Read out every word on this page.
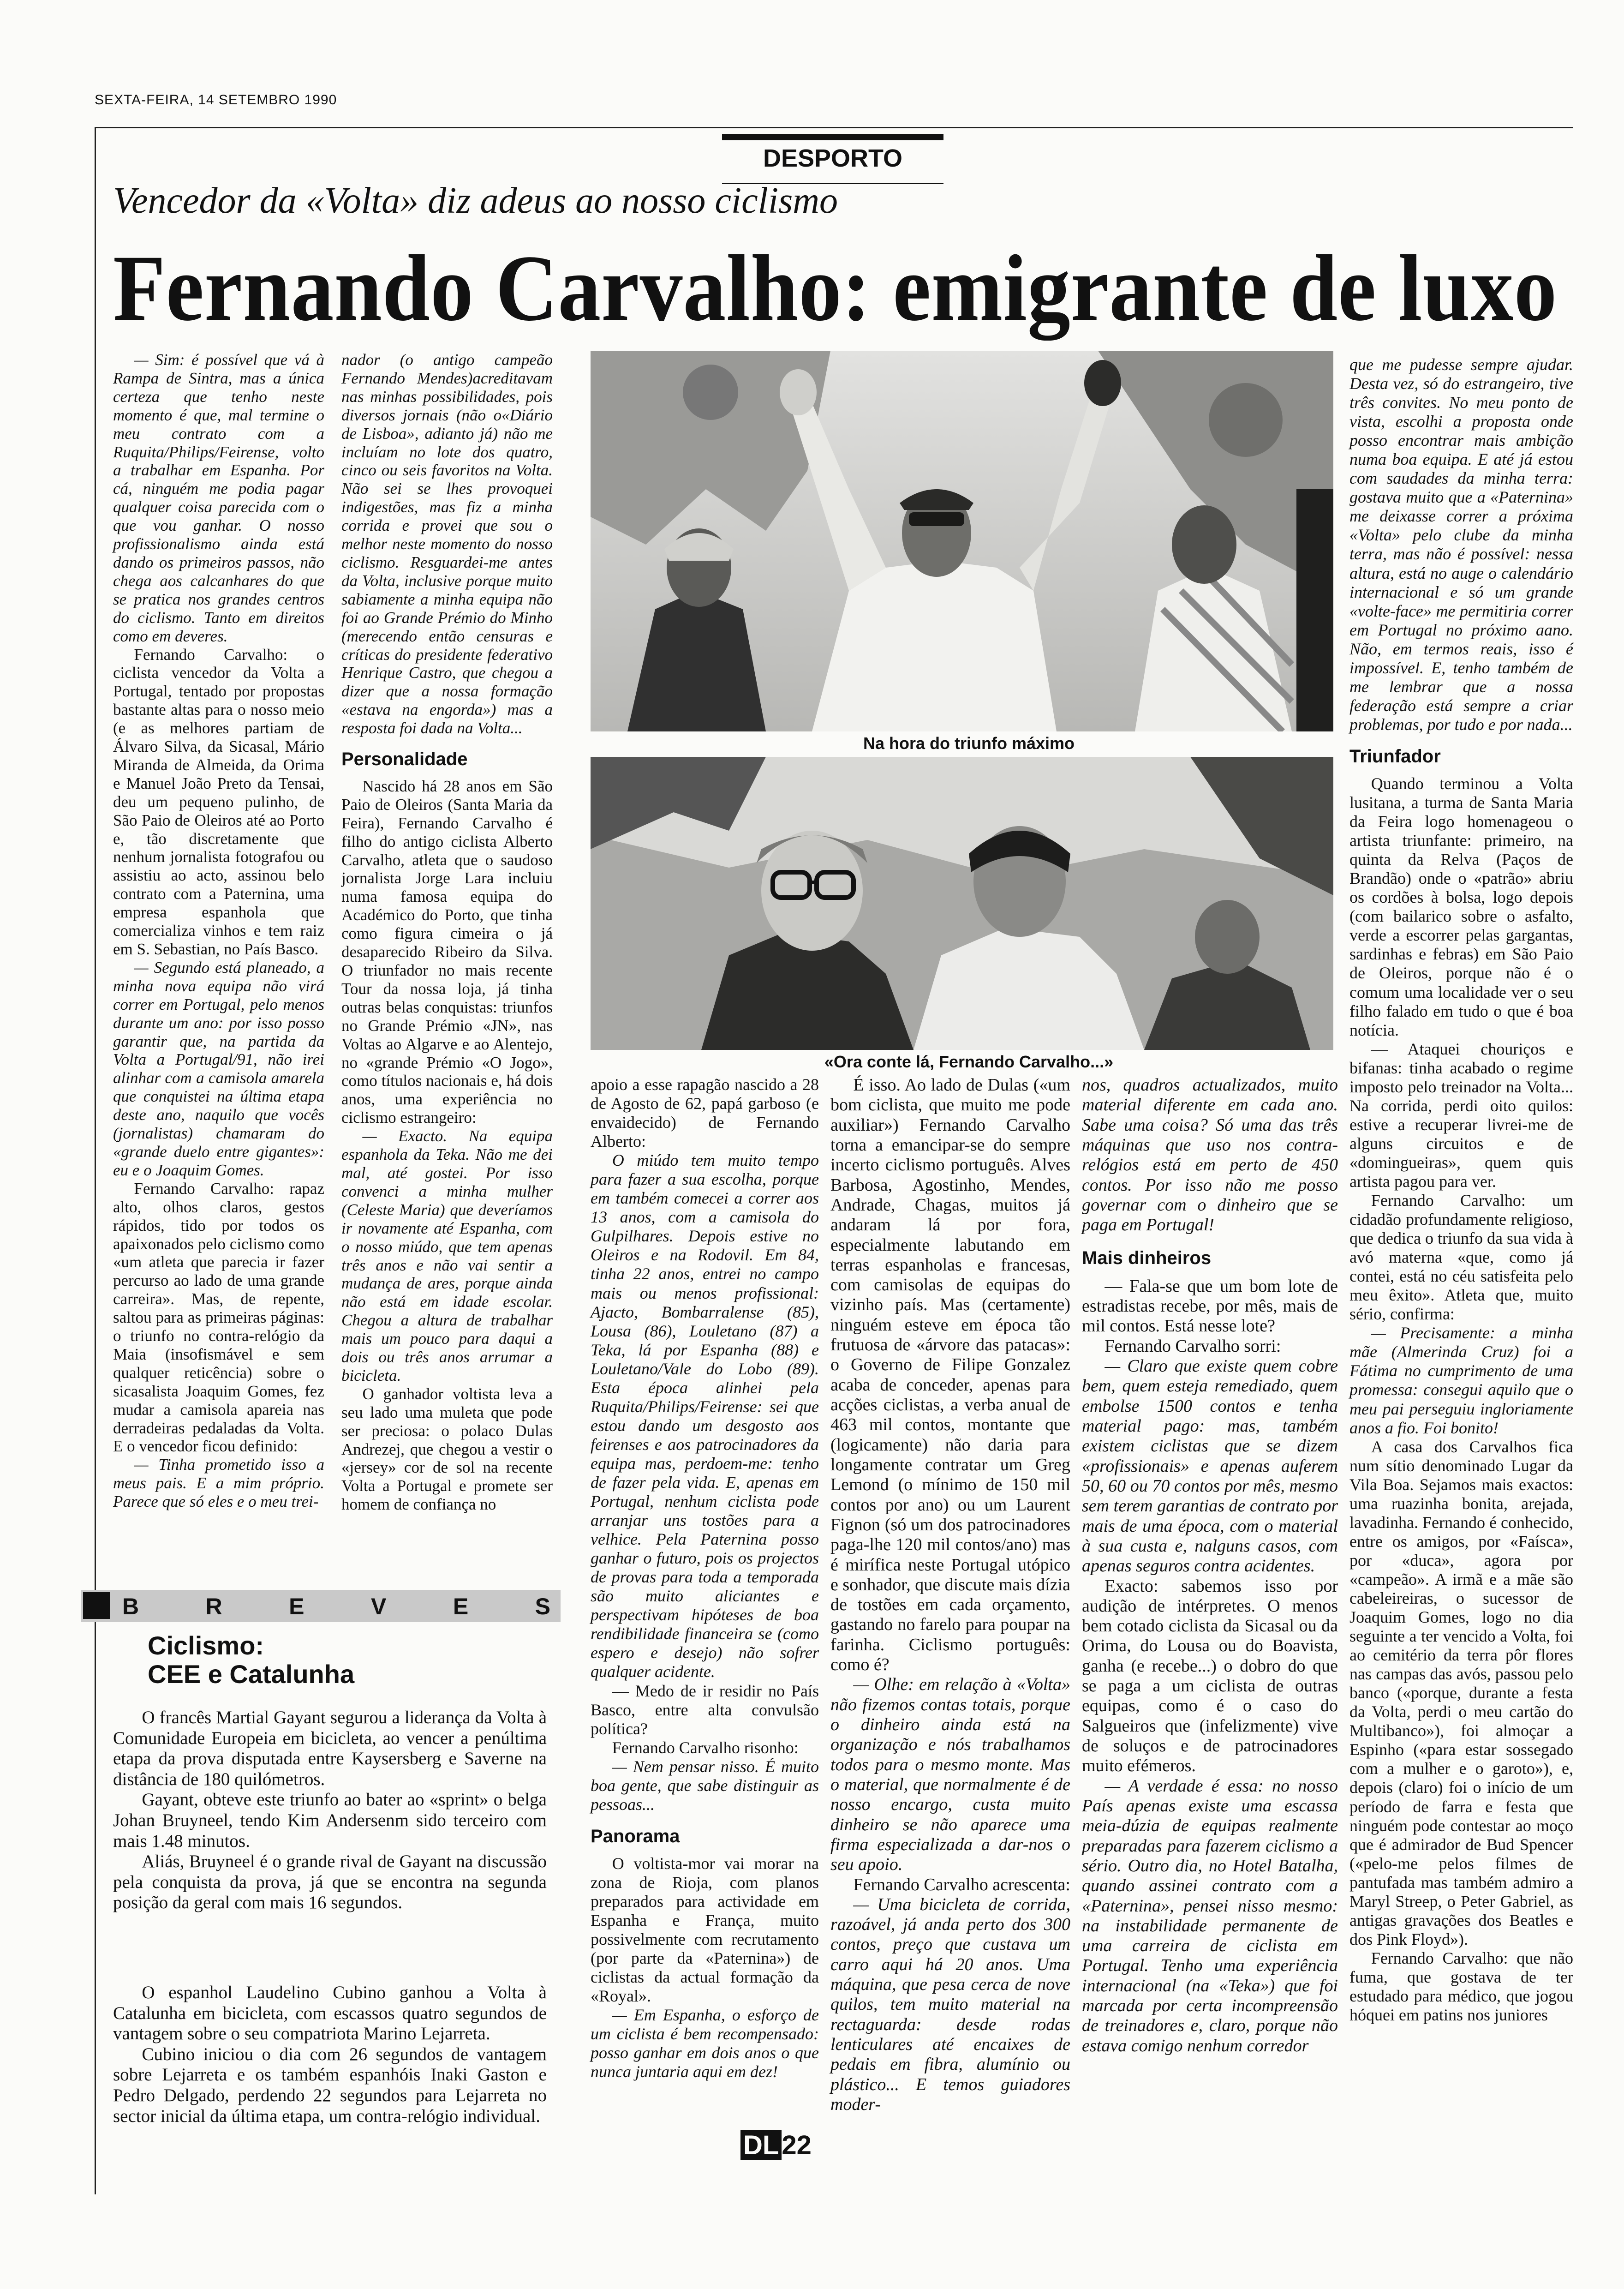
SEXTA-FEIRA, 14 SETEMBRO 1990
DESPORTO
Vencedor da «Volta» diz adeus ao nosso ciclismo
Fernando Carvalho: emigrante de luxo

— Sim: é possível que vá à Rampa de Sintra, mas a única certeza que tenho neste momento é que, mal termine o meu contrato com a Ruquita/Philips/Feirense, volto a trabalhar em Espanha. Por cá, ninguém me podia pagar qualquer coisa parecida com o que vou ganhar. O nosso profissionalismo ainda está dando os primeiros passos, não chega aos calcanhares do que se pratica nos grandes centros do ciclismo. Tanto em direitos como em deveres.

Fernando Carvalho: o ciclista vencedor da Volta a Portugal, tentado por propostas bastante altas para o nosso meio (e as melhores partiam de Álvaro Silva, da Sicasal, Mário Miranda de Almeida, da Orima e Manuel João Preto da Tensai, deu um pequeno pulinho, de São Paio de Oleiros até ao Porto e, tão discretamente que nenhum jornalista fotografou ou assistiu ao acto, assinou belo contrato com a Paternina, uma empresa espanhola que comercializa vinhos e tem raiz em S. Sebastian, no País Basco.

— Segundo está planeado, a minha nova equipa não virá correr em Portugal, pelo menos durante um ano: por isso posso garantir que, na partida da Volta a Portugal/91, não irei alinhar com a camisola amarela que conquistei na última etapa deste ano, naquilo que vocês (jornalistas) chamaram do «grande duelo entre gigantes»: eu e o Joaquim Gomes.

Fernando Carvalho: rapaz alto, olhos claros, gestos rápidos, tido por todos os apaixonados pelo ciclismo como «um atleta que parecia ir fazer percurso ao lado de uma grande carreira». Mas, de repente, saltou para as primeiras páginas: o triunfo no contra-relógio da Maia (insofismável e sem qualquer reticência) sobre o sicasalista Joaquim Gomes, fez mudar a camisola apareia nas derradeiras pedaladas da Volta. E o vencedor ficou definido:

— Tinha prometido isso a meus pais. E a mim próprio. Parece que só eles e o meu trei-

nador (o antigo campeão Fernando Mendes)acreditavam nas minhas possibilidades, pois diversos jornais (não o«Diário de Lisboa», adianto já) não me incluíam no lote dos quatro, cinco ou seis favoritos na Volta. Não sei se lhes provoquei indigestões, mas fiz a minha corrida e provei que sou o melhor neste momento do nosso ciclismo. Resguardei-me antes da Volta, inclusive porque muito sabiamente a minha equipa não foi ao Grande Prémio do Minho (merecendo então censuras e críticas do presidente federativo Henrique Castro, que chegou a dizer que a nossa formação «estava na engorda») mas a resposta foi dada na Volta...

Personalidade

Nascido há 28 anos em São Paio de Oleiros (Santa Maria da Feira), Fernando Carvalho é filho do antigo ciclista Alberto Carvalho, atleta que o saudoso jornalista Jorge Lara incluiu numa famosa equipa do Académico do Porto, que tinha como figura cimeira o já desaparecido Ribeiro da Silva. O triunfador no mais recente Tour da nossa loja, já tinha outras belas conquistas: triunfos no Grande Prémio «JN», nas Voltas ao Algarve e ao Alentejo, no «grande Prémio «O Jogo», como títulos nacionais e, há dois anos, uma experiência no ciclismo estrangeiro:

— Exacto. Na equipa espanhola da Teka. Não me dei mal, até gostei. Por isso convenci a minha mulher (Celeste Maria) que deveríamos ir novamente até Espanha, com o nosso miúdo, que tem apenas três anos e não vai sentir a mudança de ares, porque ainda não está em idade escolar. Chegou a altura de trabalhar mais um pouco para daqui a dois ou três anos arrumar a bicicleta.

O ganhador voltista leva a seu lado uma muleta que pode ser preciosa: o polaco Dulas Andrezej, que chegou a vestir o «jersey» cor de sol na recente Volta a Portugal e promete ser homem de confiança no

apoio a esse rapagão nascido a 28 de Agosto de 62, papá garboso (e envaidecido) de Fernando Alberto:

O miúdo tem muito tempo para fazer a sua escolha, porque em também comecei a correr aos 13 anos, com a camisola do Gulpilhares. Depois estive no Oleiros e na Rodovil. Em 84, tinha 22 anos, entrei no campo mais ou menos profissional: Ajacto, Bombarralense (85), Lousa (86), Louletano (87) a Teka, lá por Espanha (88) e Louletano/Vale do Lobo (89). Esta época alinhei pela Ruquita/Philips/Feirense: sei que estou dando um desgosto aos feirenses e aos patrocinadores da equipa mas, perdoem-me: tenho de fazer pela vida. E, apenas em Portugal, nenhum ciclista pode arranjar uns tostões para a velhice. Pela Paternina posso ganhar o futuro, pois os projectos de provas para toda a temporada são muito aliciantes e perspectivam hipóteses de boa rendibilidade financeira se (como espero e desejo) não sofrer qualquer acidente.

— Medo de ir residir no País Basco, entre alta convulsão política?

Fernando Carvalho risonho:

— Nem pensar nisso. É muito boa gente, que sabe distinguir as pessoas...

Panorama

O voltista-mor vai morar na zona de Rioja, com planos preparados para actividade em Espanha e França, muito possivelmente com recrutamento (por parte da «Paternina») de ciclistas da actual formação da «Royal».

— Em Espanha, o esforço de um ciclista é bem recompensado: posso ganhar em dois anos o que nunca juntaria aqui em dez!

É isso. Ao lado de Dulas («um bom ciclista, que muito me pode auxiliar») Fernando Carvalho torna a emancipar-se do sempre incerto ciclismo português. Alves Barbosa, Agostinho, Mendes, Andrade, Chagas, muitos já andaram lá por fora, especialmente labutando em terras espanholas e francesas, com camisolas de equipas do vizinho país. Mas (certamente) ninguém esteve em época tão frutuosa de «árvore das patacas»: o Governo de Filipe Gonzalez acaba de conceder, apenas para acções ciclistas, a verba anual de 463 mil contos, montante que (logicamente) não daria para longamente contratar um Greg Lemond (o mínimo de 150 mil contos por ano) ou um Laurent Fignon (só um dos patrocinadores paga-lhe 120 mil contos/ano) mas é mirífica neste Portugal utópico e sonhador, que discute mais dízia de tostões em cada orçamento, gastando no farelo para poupar na farinha. Ciclismo português: como é?

— Olhe: em relação à «Volta» não fizemos contas totais, porque o dinheiro ainda está na organização e nós trabalhamos todos para o mesmo monte. Mas o material, que normalmente é de nosso encargo, custa muito dinheiro se não aparece uma firma especializada a dar-nos o seu apoio.

Fernando Carvalho acrescenta:

— Uma bicicleta de corrida, razoável, já anda perto dos 300 contos, preço que custava um carro aqui há 20 anos. Uma máquina, que pesa cerca de nove quilos, tem muito material na rectaguarda: desde rodas lenticulares até encaixes de pedais em fibra, alumínio ou plástico... E temos guiadores moder-

nos, quadros actualizados, muito material diferente em cada ano. Sabe uma coisa? Só uma das três máquinas que uso nos contra-relógios está em perto de 450 contos. Por isso não me posso governar com o dinheiro que se paga em Portugal!

Mais dinheiros

— Fala-se que um bom lote de estradistas recebe, por mês, mais de mil contos. Está nesse lote?

Fernando Carvalho sorri:

— Claro que existe quem cobre bem, quem esteja remediado, quem embolse 1500 contos e tenha material pago: mas, também existem ciclistas que se dizem «profissionais» e apenas auferem 50, 60 ou 70 contos por mês, mesmo sem terem garantias de contrato por mais de uma época, com o material à sua custa e, nalguns casos, com apenas seguros contra acidentes.

Exacto: sabemos isso por audição de intérpretes. O menos bem cotado ciclista da Sicasal ou da Orima, do Lousa ou do Boavista, ganha (e recebe...) o dobro do que se paga a um ciclista de outras equipas, como é o caso do Salgueiros que (infelizmente) vive de soluços e de patrocinadores muito efémeros.

— A verdade é essa: no nosso País apenas existe uma escassa meia-dúzia de equipas realmente preparadas para fazerem ciclismo a sério. Outro dia, no Hotel Batalha, quando assinei contrato com a «Paternina», pensei nisso mesmo: na instabilidade permanente de uma carreira de ciclista em Portugal. Tenho uma experiência internacional (na «Teka») que foi marcada por certa incompreensão de treinadores e, claro, porque não estava comigo nenhum corredor

que me pudesse sempre ajudar. Desta vez, só do estrangeiro, tive três convites. No meu ponto de vista, escolhi a proposta onde posso encontrar mais ambição numa boa equipa. E até já estou com saudades da minha terra: gostava muito que a «Paternina» me deixasse correr a próxima «Volta» pelo clube da minha terra, mas não é possível: nessa altura, está no auge o calendário internacional e só um grande «volte-face» me permitiria correr em Portugal no próximo aano. Não, em termos reais, isso é impossível. E, tenho também de me lembrar que a nossa federação está sempre a criar problemas, por tudo e por nada...

Triunfador

Quando terminou a Volta lusitana, a turma de Santa Maria da Feira logo homenageou o artista triunfante: primeiro, na quinta da Relva (Paços de Brandão) onde o «patrão» abriu os cordões à bolsa, logo depois (com bailarico sobre o asfalto, verde a escorrer pelas gargantas, sardinhas e febras) em São Paio de Oleiros, porque não é o comum uma localidade ver o seu filho falado em tudo o que é boa notícia.

— Ataquei chouriços e bifanas: tinha acabado o regime imposto pelo treinador na Volta... Na corrida, perdi oito quilos: estive a recuperar livrei-me de alguns circuitos e de «domingueiras», quem quis artista pagou para ver.

Fernando Carvalho: um cidadão profundamente religioso, que dedica o triunfo da sua vida à avó materna «que, como já contei, está no céu satisfeita pelo meu êxito». Atleta que, muito sério, confirma:

— Precisamente: a minha mãe (Almerinda Cruz) foi a Fátima no cumprimento de uma promessa: consegui aquilo que o meu pai perseguiu ingloriamente anos a fio. Foi bonito!

A casa dos Carvalhos fica num sítio denominado Lugar da Vila Boa. Sejamos mais exactos: uma ruazinha bonita, arejada, lavadinha. Fernando é conhecido, entre os amigos, por «Faísca», por «duca», agora por «campeão». A irmã e a mãe são cabeleireiras, o sucessor de Joaquim Gomes, logo no dia seguinte a ter vencido a Volta, foi ao cemitério da terra pôr flores nas campas das avós, passou pelo banco («porque, durante a festa da Volta, perdi o meu cartão do Multibanco»), foi almoçar a Espinho («para estar sossegado com a mulher e o garoto»), e, depois (claro) foi o início de um período de farra e festa que ninguém pode contestar ao moço que é admirador de Bud Spencer («pelo-me pelos filmes de pantufada mas também admiro a Maryl Streep, o Peter Gabriel, as antigas gravações dos Beatles e dos Pink Floyd»).

Fernando Carvalho: que não fuma, que gostava de ter estudado para médico, que jogou hóquei em patins nos juniores

Na hora do triunfo máximo
«Ora conte lá, Fernando Carvalho...»
B	R	E	V	E	S
Ciclismo:
CEE e Catalunha

O francês Martial Gayant segurou a liderança da Volta à Comunidade Europeia em bicicleta, ao vencer a penúltima etapa da prova disputada entre Kaysersberg e Saverne na distância de 180 quilómetros.

Gayant, obteve este triunfo ao bater ao «sprint» o belga Johan Bruyneel, tendo Kim Andersenm sido terceiro com mais 1.48 minutos.

Aliás, Bruyneel é o grande rival de Gayant na discussão pela conquista da prova, já que se encontra na segunda posição da geral com mais 16 segundos.

O espanhol Laudelino Cubino ganhou a Volta à Catalunha em bicicleta, com escassos quatro segundos de vantagem sobre o seu compatriota Marino Lejarreta.

Cubino iniciou o dia com 26 segundos de vantagem sobre Lejarreta e os também espanhóis Inaki Gaston e Pedro Delgado, perdendo 22 segundos para Lejarreta no sector inicial da última etapa, um contra-relógio individual.

DL 22
